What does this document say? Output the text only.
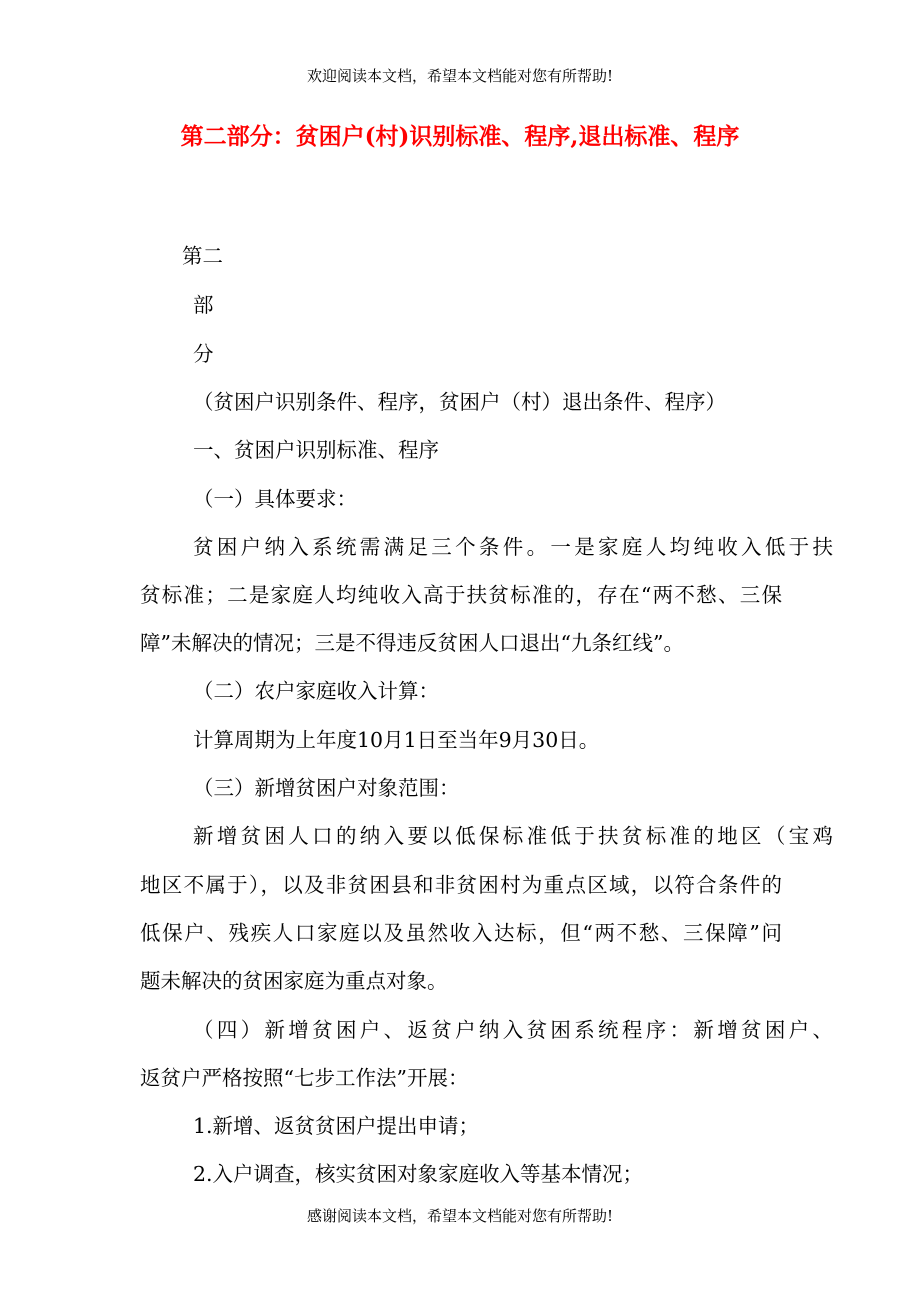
欢迎阅读本文档，希望本文档能对您有所帮助!
第二部分：贫困户(村)识别标准、程序,退出标准、程序
第二
部
分
（贫困户识别条件、程序，贫困户（村）退出条件、程序）
一、贫困户识别标准、程序
（一）具体要求：
贫困户纳入系统需满足三个条件。一是家庭人均纯收入低于扶
贫标准；二是家庭人均纯收入高于扶贫标准的，存在“两不愁、三保
障”未解决的情况；三是不得违反贫困人口退出“九条红线”。
（二）农户家庭收入计算：
计算周期为上年度10月1日至当年9月30日。
（三）新增贫困户对象范围：
新增贫困人口的纳入要以低保标准低于扶贫标准的地区（宝鸡
地区不属于），以及非贫困县和非贫困村为重点区域，以符合条件的
低保户、残疾人口家庭以及虽然收入达标，但“两不愁、三保障”问
题未解决的贫困家庭为重点对象。
（四）新增贫困户、返贫户纳入贫困系统程序：新增贫困户、
返贫户严格按照“七步工作法”开展：
1.新增、返贫贫困户提出申请；
2.入户调查，核实贫困对象家庭收入等基本情况；
感谢阅读本文档，希望本文档能对您有所帮助!
